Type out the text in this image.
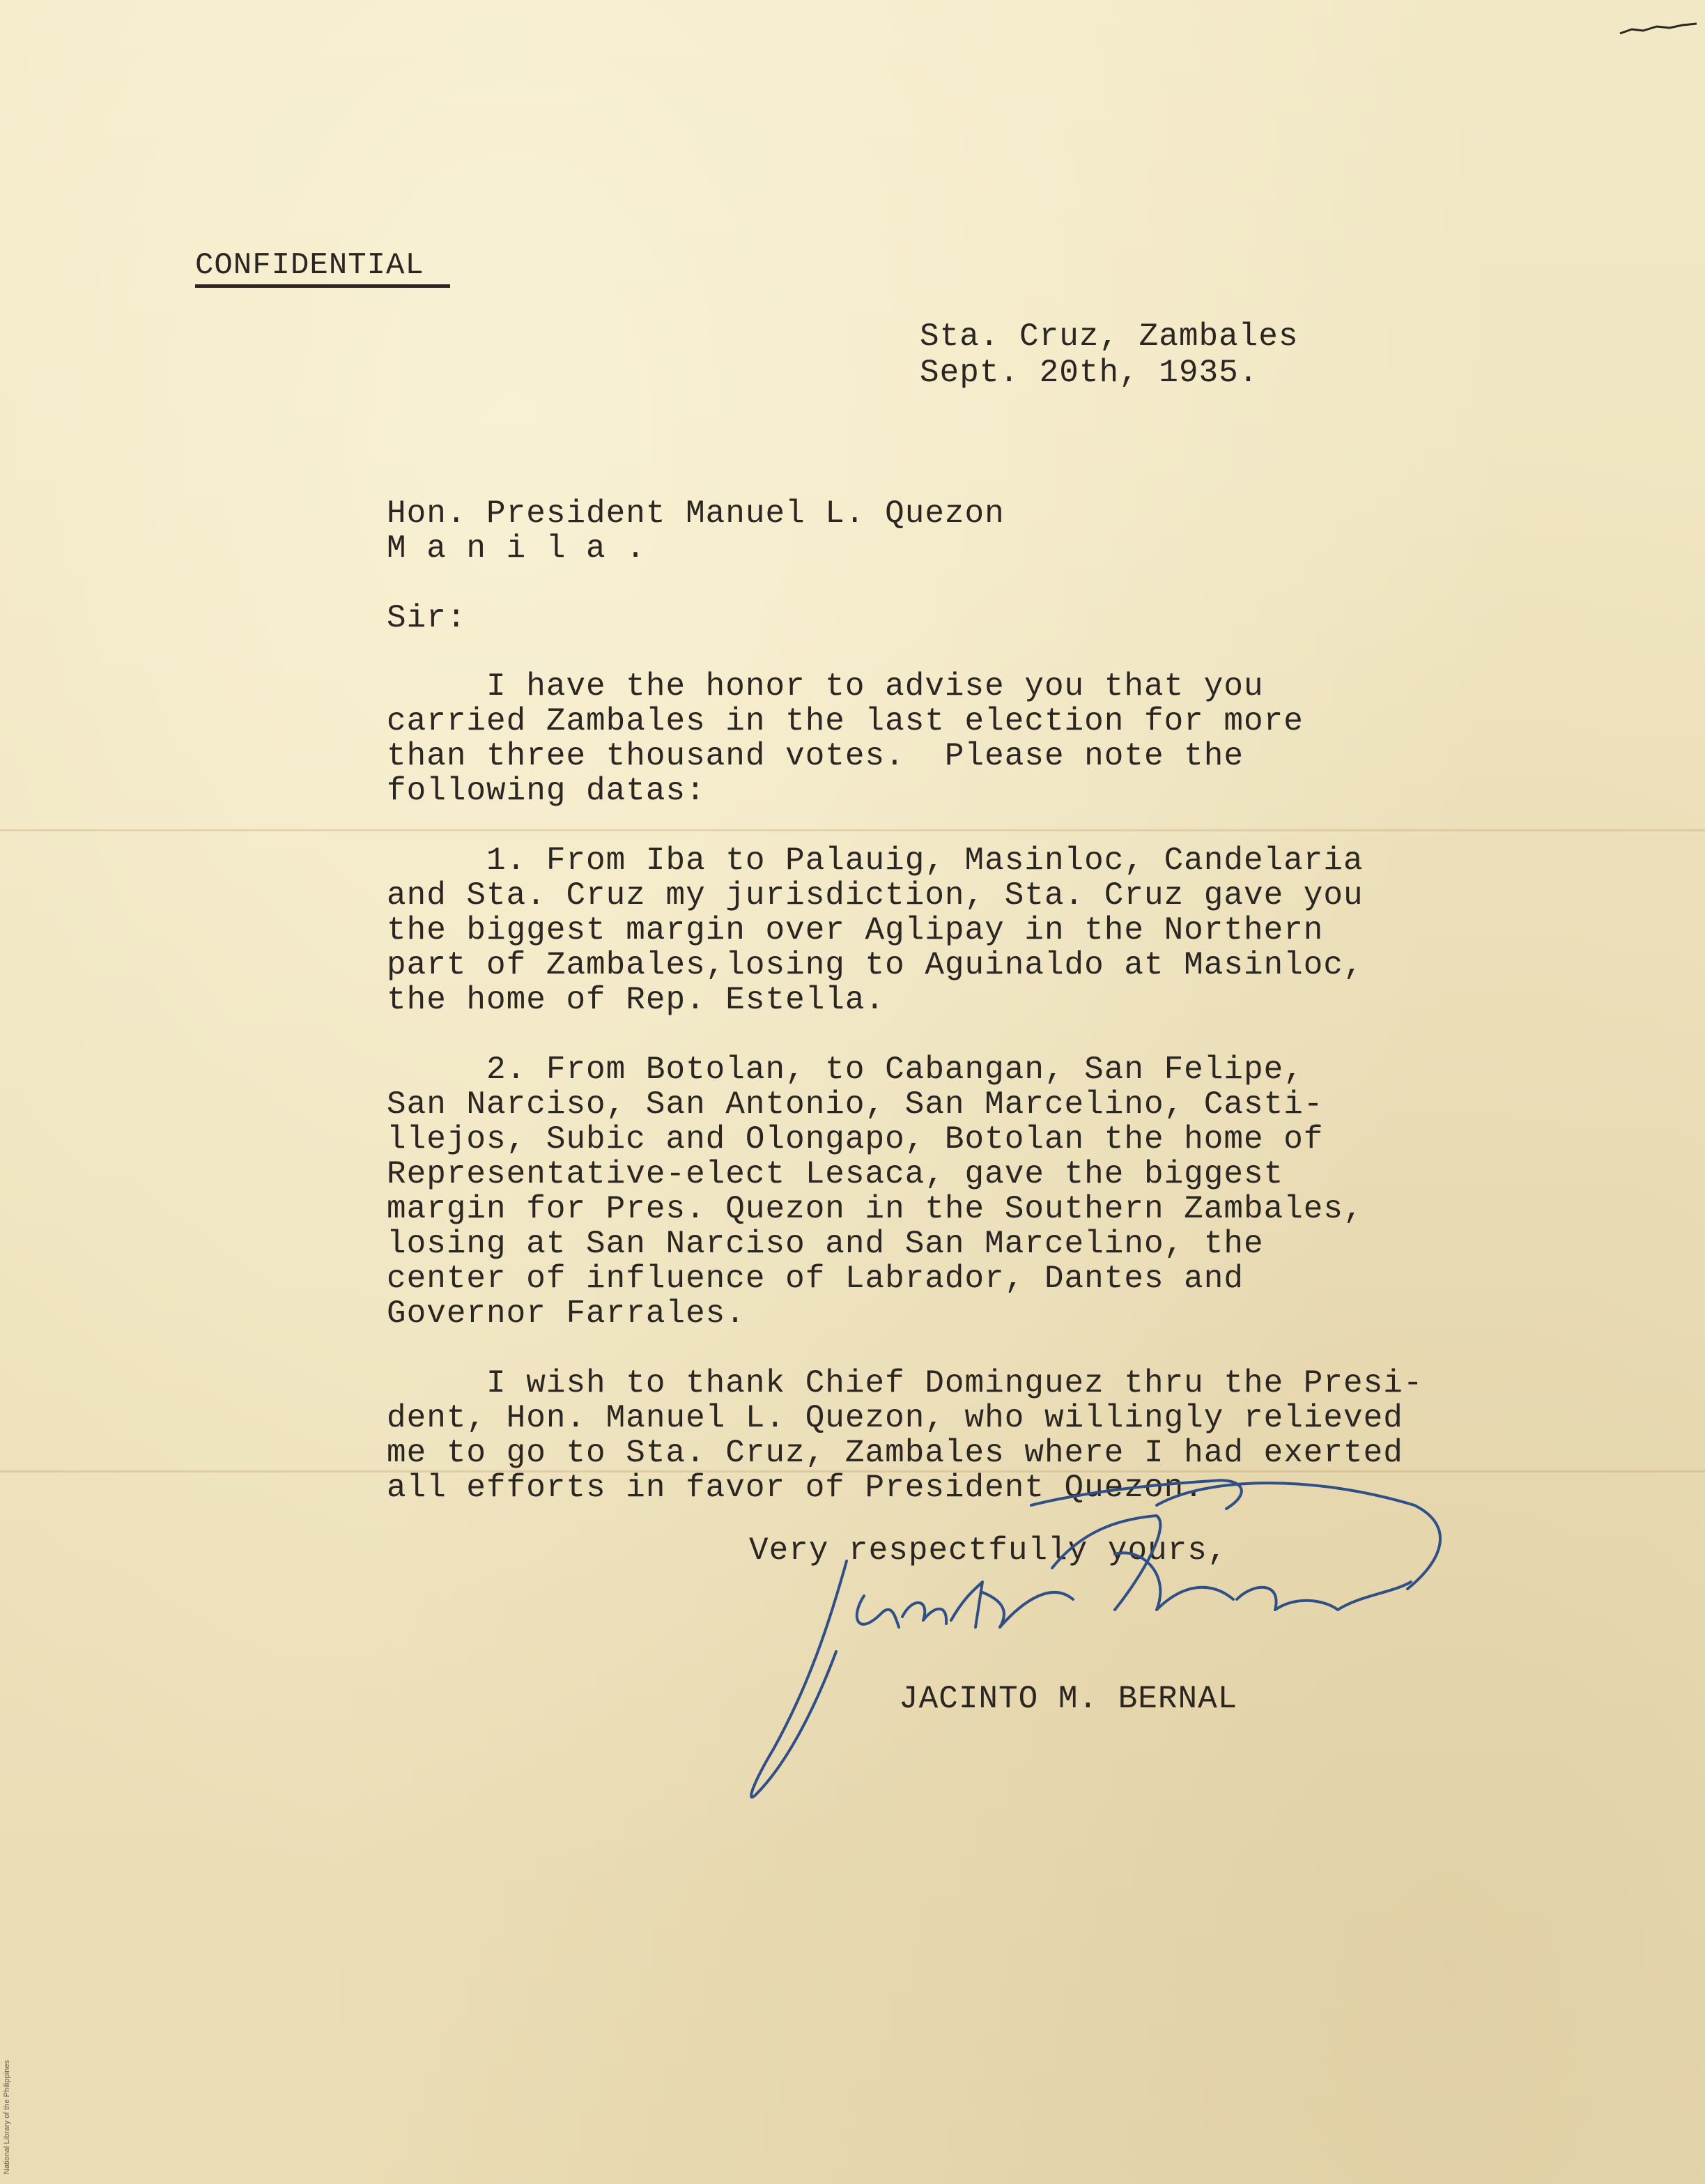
CONFIDENTIAL
Sta. Cruz, Zambales
Sept. 20th, 1935.
Hon. President Manuel L. Quezon
M a n i l a .
Sir:
I have the honor to advise you that you
carried Zambales in the last election for more
than three thousand votes.  Please note the
following datas:
1. From Iba to Palauig, Masinloc, Candelaria
and Sta. Cruz my jurisdiction, Sta. Cruz gave you
the biggest margin over Aglipay in the Northern
part of Zambales,losing to Aguinaldo at Masinloc,
the home of Rep. Estella.
2. From Botolan, to Cabangan, San Felipe,
San Narciso, San Antonio, San Marcelino, Casti-
llejos, Subic and Olongapo, Botolan the home of
Representative-elect Lesaca, gave the biggest
margin for Pres. Quezon in the Southern Zambales,
losing at San Narciso and San Marcelino, the
center of influence of Labrador, Dantes and
Governor Farrales.
I wish to thank Chief Dominguez thru the Presi-
dent, Hon. Manuel L. Quezon, who willingly relieved
me to go to Sta. Cruz, Zambales where I had exerted
all efforts in favor of President Quezon.
Very respectfully yours,
JACINTO M. BERNAL
National Library of the Philippines
